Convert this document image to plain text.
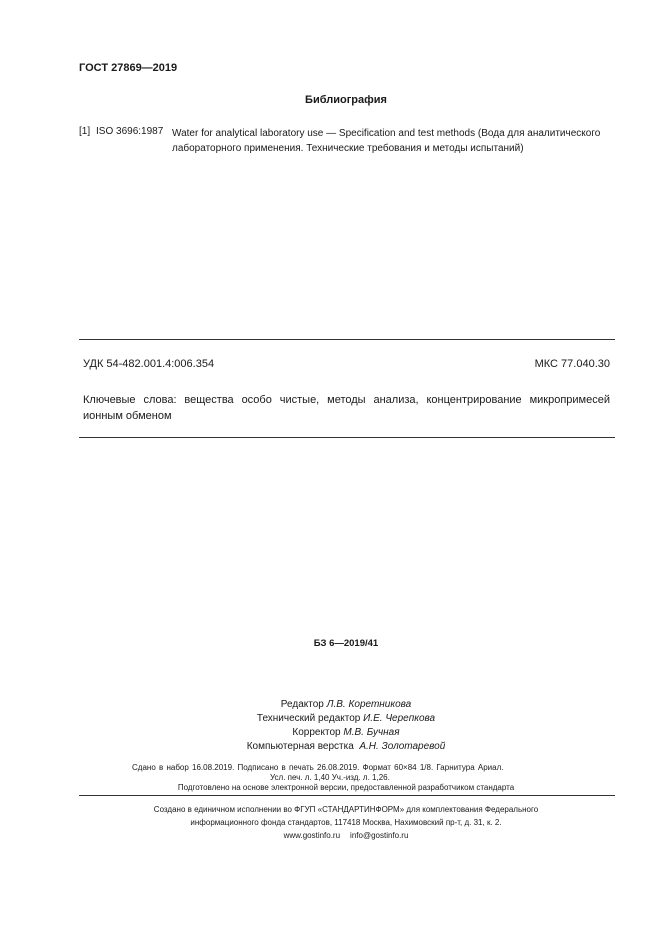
ГОСТ 27869—2019
Библиография
[1] ISO 3696:1987 Water for analytical laboratory use — Specification and test methods (Вода для аналитического лабораторного применения. Технические требования и методы испытаний)
УДК 54-482.001.4:006.354	МКС 77.040.30
Ключевые слова: вещества особо чистые, методы анализа, концентрирование микропримесей ионным обменом
БЗ 6—2019/41
Редактор Л.В. Коретникова
Технический редактор И.Е. Черепкова
Корректор М.В. Бучная
Компьютерная верстка А.Н. Золотаревой
Сдано в набор 16.08.2019. Подписано в печать 26.08.2019. Формат 60×84 1/8. Гарнитура Ариал.
Усл. печ. л. 1,40 Уч.-изд. л. 1,26.
Подготовлено на основе электронной версии, предоставленной разработчиком стандарта
Создано в единичном исполнении во ФГУП «СТАНДАРТИНФОРМ» для комплектования Федерального
информационного фонда стандартов, 117418 Москва, Нахимовский пр-т, д. 31, к. 2.
www.gostinfo.ru info@gostinfo.ru
